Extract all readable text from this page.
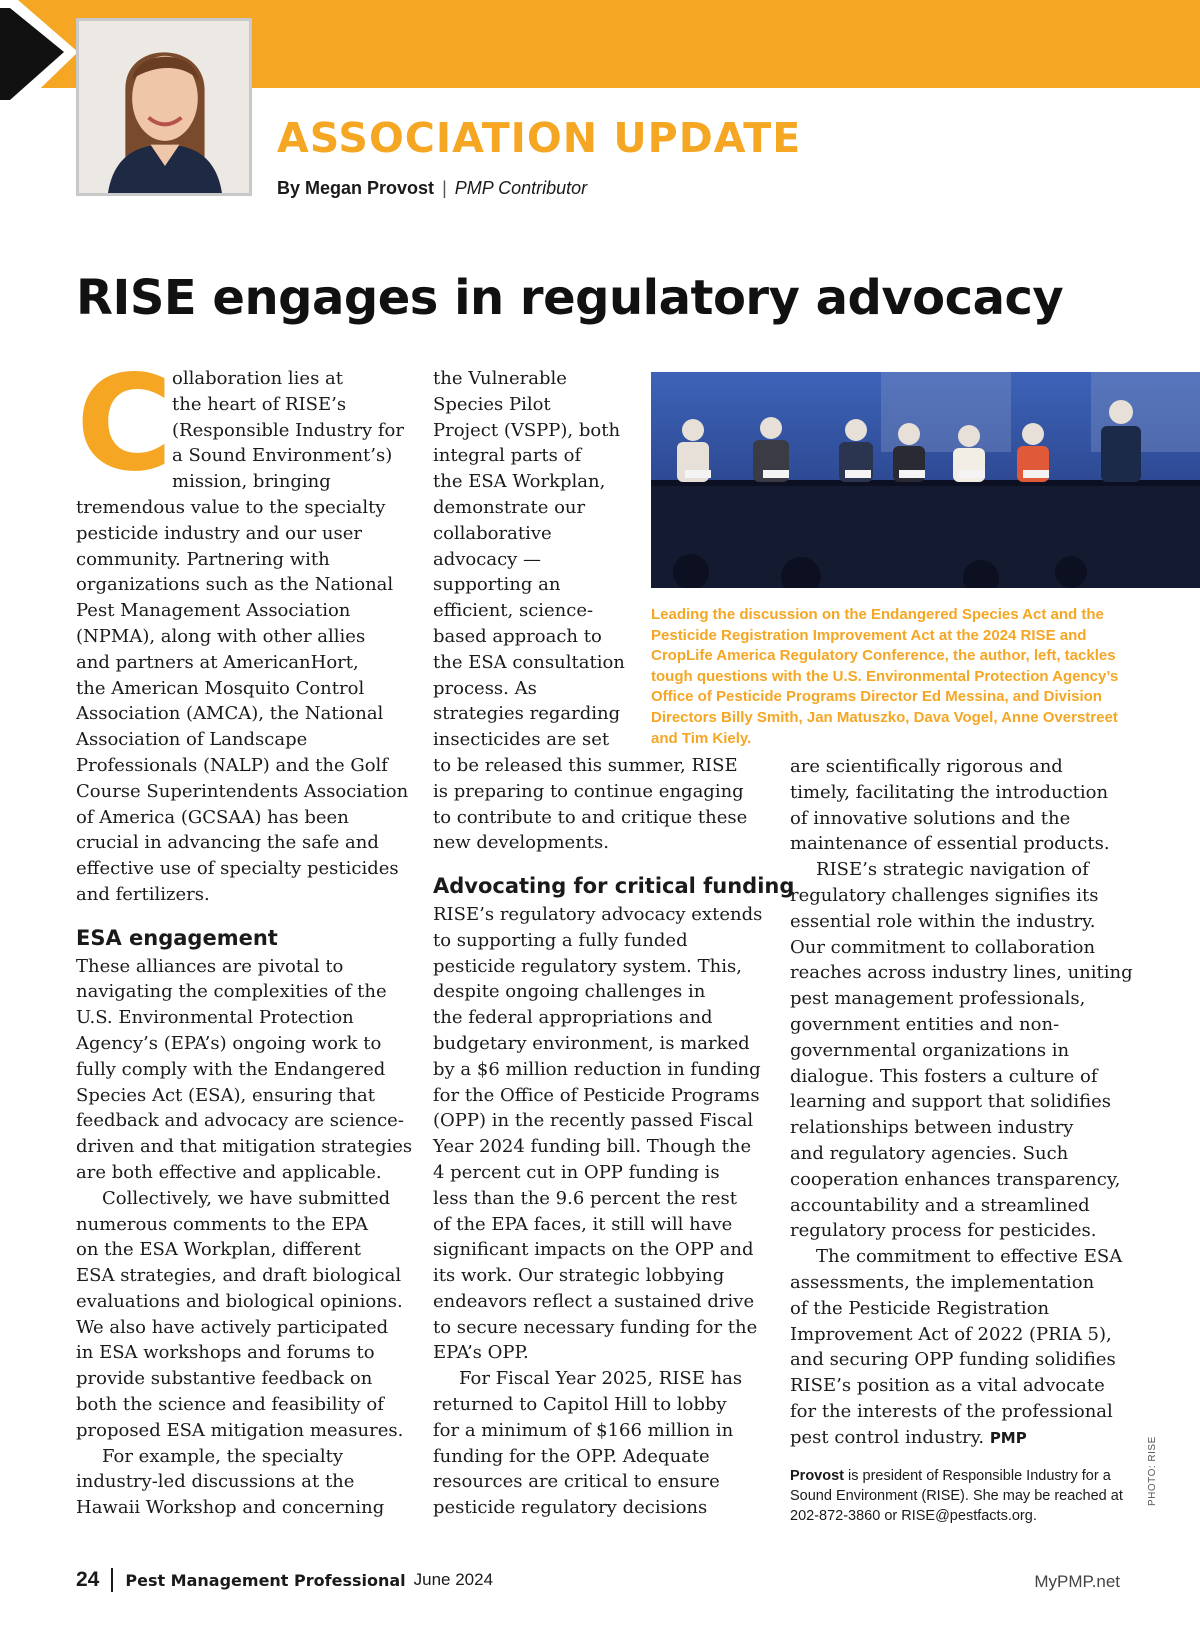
ASSOCIATION UPDATE
By Megan Provost | PMP Contributor
RISE engages in regulatory advocacy
C ollaboration lies at
the heart of RISE’s
(Responsible Industry for
a Sound Environment’s)
mission, bringing
tremendous value to the specialty
pesticide industry and our user
community. Partnering with
organizations such as the National
Pest Management Association
(NPMA), along with other allies
and partners at AmericanHort,
the American Mosquito Control
Association (AMCA), the National
Association of Landscape
Professionals (NALP) and the Golf
Course Superintendents Association
of America (GCSAA) has been
crucial in advancing the safe and
effective use of specialty pesticides
and fertilizers.
ESA engagement
These alliances are pivotal to
navigating the complexities of the
U.S. Environmental Protection
Agency’s (EPA’s) ongoing work to
fully comply with the Endangered
Species Act (ESA), ensuring that
feedback and advocacy are science-
driven and that mitigation strategies
are both effective and applicable.
Collectively, we have submitted
numerous comments to the EPA
on the ESA Workplan, different
ESA strategies, and draft biological
evaluations and biological opinions.
We also have actively participated
in ESA workshops and forums to
provide substantive feedback on
both the science and feasibility of
proposed ESA mitigation measures.
For example, the specialty
industry-led discussions at the
Hawaii Workshop and concerning
the Vulnerable
Species Pilot
Project (VSPP), both
integral parts of
the ESA Workplan,
demonstrate our
collaborative
advocacy —
supporting an
efficient, science-
based approach to
the ESA consultation
process. As
strategies regarding
insecticides are set
to be released this summer, RISE
is preparing to continue engaging
to contribute to and critique these
new developments.
Advocating for critical funding
RISE’s regulatory advocacy extends
to supporting a fully funded
pesticide regulatory system. This,
despite ongoing challenges in
the federal appropriations and
budgetary environment, is marked
by a $6 million reduction in funding
for the Office of Pesticide Programs
(OPP) in the recently passed Fiscal
Year 2024 funding bill. Though the
4 percent cut in OPP funding is
less than the 9.6 percent the rest
of the EPA faces, it still will have
significant impacts on the OPP and
its work. Our strategic lobbying
endeavors reflect a sustained drive
to secure necessary funding for the
EPA’s OPP.
For Fiscal Year 2025, RISE has
returned to Capitol Hill to lobby
for a minimum of $166 million in
funding for the OPP. Adequate
resources are critical to ensure
pesticide regulatory decisions
Leading the discussion on the Endangered Species Act and the Pesticide Registration Improvement Act at the 2024 RISE and CropLife America Regulatory Conference, the author, left, tackles tough questions with the U.S. Environmental Protection Agency’s Office of Pesticide Programs Director Ed Messina, and Division Directors Billy Smith, Jan Matuszko, Dava Vogel, Anne Overstreet and Tim Kiely.
are scientifically rigorous and
timely, facilitating the introduction
of innovative solutions and the
maintenance of essential products.
RISE’s strategic navigation of
regulatory challenges signifies its
essential role within the industry.
Our commitment to collaboration
reaches across industry lines, uniting
pest management professionals,
government entities and non-
governmental organizations in
dialogue. This fosters a culture of
learning and support that solidifies
relationships between industry
and regulatory agencies. Such
cooperation enhances transparency,
accountability and a streamlined
regulatory process for pesticides.
The commitment to effective ESA
assessments, the implementation
of the Pesticide Registration
Improvement Act of 2022 (PRIA 5),
and securing OPP funding solidifies
RISE’s position as a vital advocate
for the interests of the professional
pest control industry. PMP
Provost is president of Responsible Industry for a
Sound Environment (RISE). She may be reached at
202-872-3860 or RISE@pestfacts.org.
PHOTO: RISE
24 Pest Management Professional June 2024	MyPMP.net
